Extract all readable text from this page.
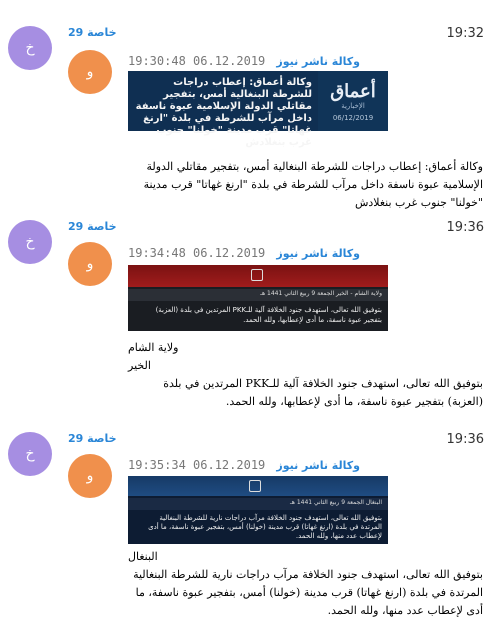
خ
خاصة 29	19:32
و
19:30:48 06.12.2019 وكالة ناشر نيوز
وكالة أعماق: إعطاب دراجات للشرطة البنغالية أمس، بتفجير مقاتلي الدولة الإسلامية عبوة ناسفة داخل مرآب للشرطة في بلدة "ارنغ غهاتا" قرب مدينة "خولنا" جنوب غرب بنغلادش
أعماق
الإخبارية
06/12/2019

وكالة أعماق: إعطاب دراجات للشرطة البنغالية أمس، بتفجير مقاتلي الدولة الإسلامية عبوة ناسفة داخل مرآب للشرطة في بلدة "ارنغ غهاتا" قرب مدينة "خولنا" جنوب غرب بنغلادش

خ
خاصة 29	19:36
و
19:34:48 06.12.2019 وكالة ناشر نيوز
ولاية الشام - الخير الجمعة 9 ربيع الثاني 1441 هـ
بتوفيق الله تعالى، استهدف جنود الخلافة آلية للـPKK المرتدين في بلدة (العزبة) بتفجير عبوة ناسفة، ما أدى لإعطابها، ولله الحمد.

ولاية الشام

الخير

بتوفيق الله تعالى، استهدف جنود الخلافة آلية للـPKK المرتدين في بلدة (العزبة) بتفجير عبوة ناسفة، ما أدى لإعطابها، ولله الحمد.

خ
خاصة 29	19:36
و
19:35:34 06.12.2019 وكالة ناشر نيوز
البنغال الجمعة 9 ربيع الثاني 1441 هـ
بتوفيق الله تعالى، استهدف جنود الخلافة مرآب دراجات نارية للشرطة البنغالية المرتدة في بلدة (ارنغ غهاتا) قرب مدينة (خولنا) أمس، بتفجير عبوة ناسفة، ما أدى لإعطاب عدد منها، ولله الحمد.

البنغال

بتوفيق الله تعالى، استهدف جنود الخلافة مرآب دراجات نارية للشرطة البنغالية المرتدة في بلدة (ارنغ غهاتا) قرب مدينة (خولنا) أمس، بتفجير عبوة ناسفة، ما أدى لإعطاب عدد منها، ولله الحمد.
